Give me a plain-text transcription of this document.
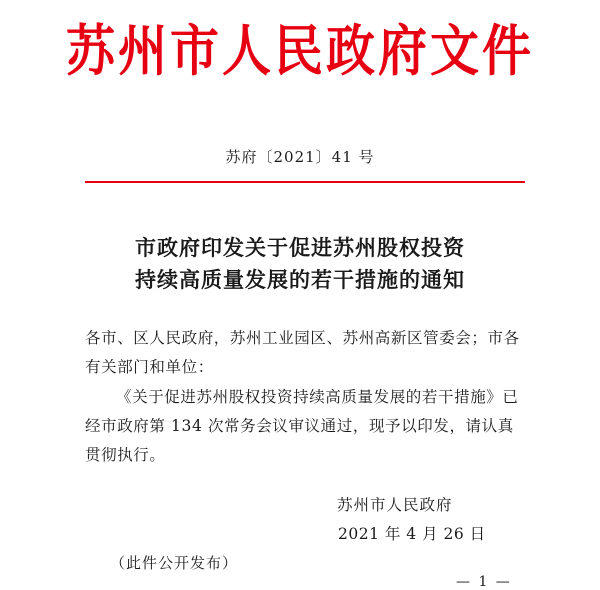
苏州市人民政府文件
苏府〔2021〕41 号
市政府印发关于促进苏州股权投资
持续高质量发展的若干措施的通知
各市、区人民政府，苏州工业园区、苏州高新区管委会；市各有关部门和单位：
《关于促进苏州股权投资持续高质量发展的若干措施》已经市政府第 134 次常务会议审议通过，现予以印发，请认真贯彻执行。
苏州市人民政府
2021 年 4 月 26 日
（此件公开发布）
— 1 —
